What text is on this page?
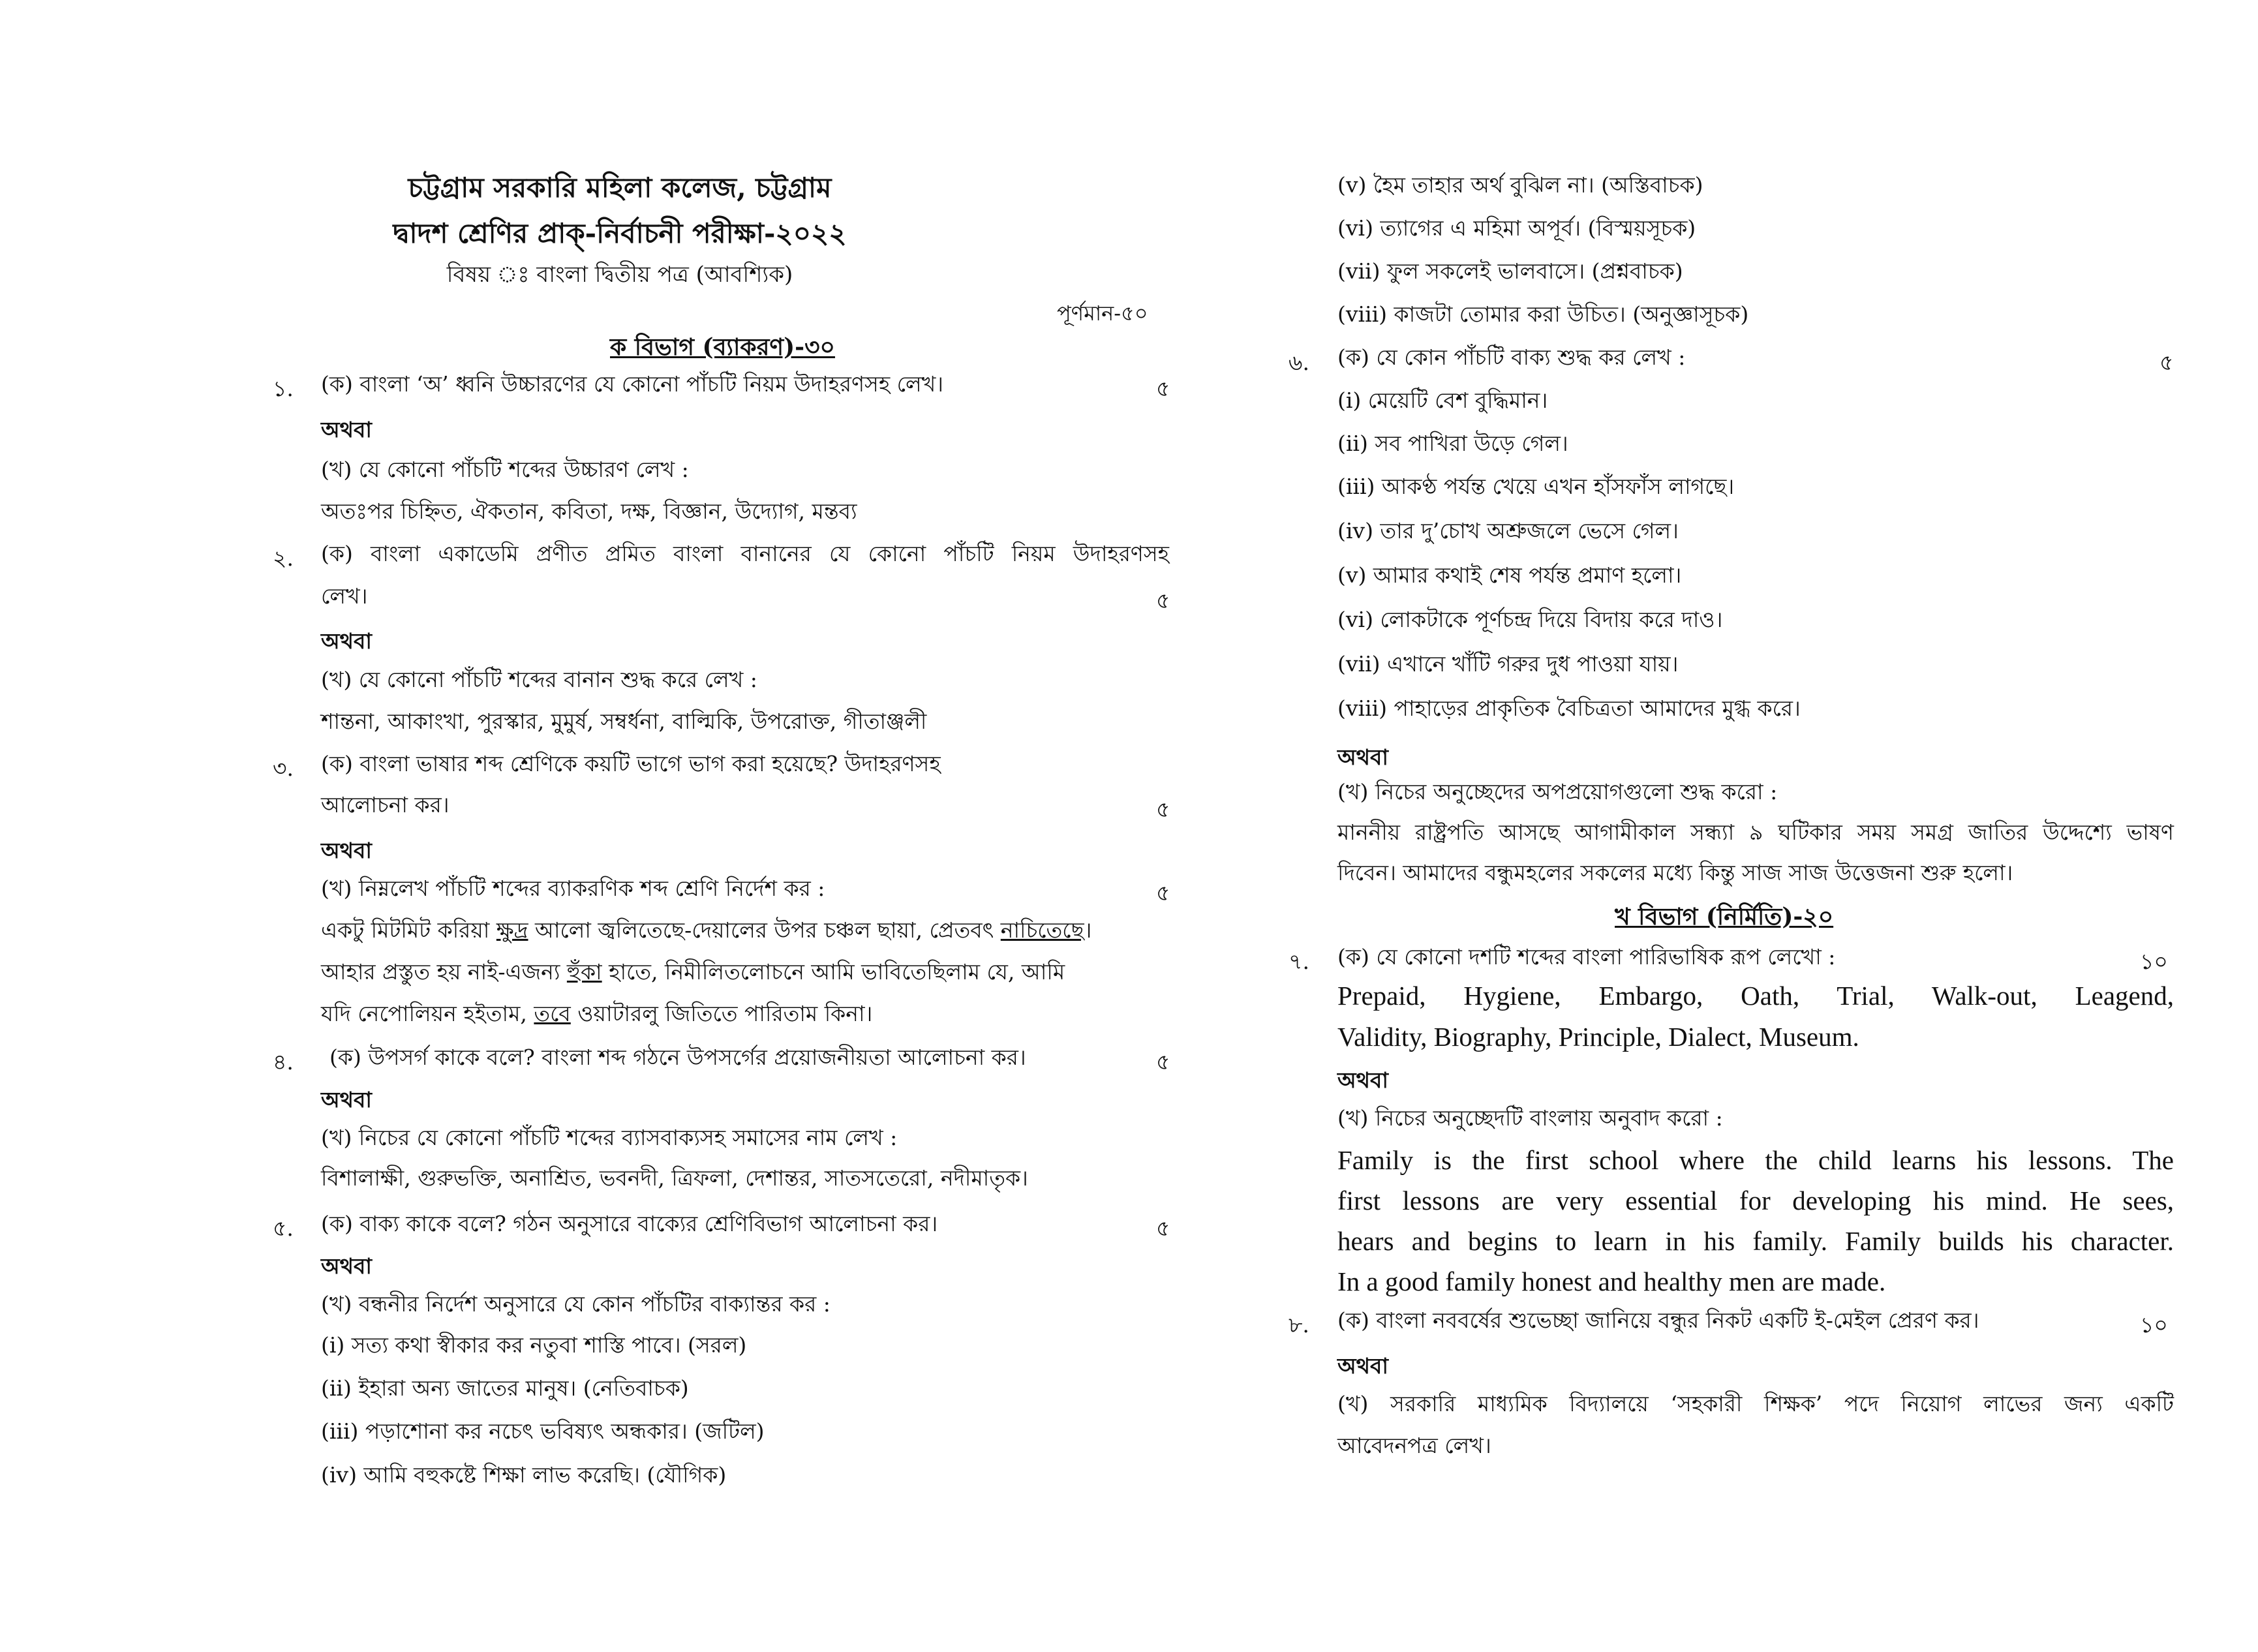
চট্টগ্রাম সরকারি মহিলা কলেজ, চট্টগ্রাম
দ্বাদশ শ্রেণির প্রাক্-নির্বাচনী পরীক্ষা-২০২২
বিষয় ঃ বাংলা দ্বিতীয় পত্র (আবশ্যিক)
পূর্ণমান-৫০
ক বিভাগ (ব্যাকরণ)-৩০
১. (ক) বাংলা ‘অ’ ধ্বনি উচ্চারণের যে কোনো পাঁচটি নিয়ম উদাহরণসহ লেখ।	৫
অথবা
(খ) যে কোনো পাঁচটি শব্দের উচ্চারণ লেখ :
অতঃপর চিহ্নিত, ঐকতান, কবিতা, দক্ষ, বিজ্ঞান, উদ্যোগ, মন্তব্য
২. (ক) বাংলা একাডেমি প্রণীত প্রমিত বাংলা বানানের যে কোনো পাঁচটি নিয়ম উদাহরণসহ
লেখ।	৫
অথবা
(খ) যে কোনো পাঁচটি শব্দের বানান শুদ্ধ করে লেখ :
শান্তনা, আকাংখা, পুরস্কার, মুমুর্ষ, সম্বর্ধনা, বাল্মিকি, উপরোক্ত, গীতাঞ্জলী
৩. (ক) বাংলা ভাষার শব্দ শ্রেণিকে কয়টি ভাগে ভাগ করা হয়েছে? উদাহরণসহ
আলোচনা কর।	৫
অথবা
(খ) নিম্নলেখ পাঁচটি শব্দের ব্যাকরণিক শব্দ শ্রেণি নির্দেশ কর :	৫
একটু মিটমিট করিয়া ক্ষুদ্র আলো জ্বলিতেছে-দেয়ালের উপর চঞ্চল ছায়া, প্রেতবৎ নাচিতেছে।
আহার প্রস্তুত হয় নাই-এজন্য হুঁকা হাতে, নিমীলিতলোচনে আমি ভাবিতেছিলাম যে, আমি
যদি নেপোলিয়ন হইতাম, তবে ওয়াটারলু জিতিতে পারিতাম কিনা।
৪. (ক) উপসর্গ কাকে বলে? বাংলা শব্দ গঠনে উপসর্গের প্রয়োজনীয়তা আলোচনা কর।	৫
অথবা
(খ) নিচের যে কোনো পাঁচটি শব্দের ব্যাসবাক্যসহ সমাসের নাম লেখ :
বিশালাক্ষী, গুরুভক্তি, অনাশ্রিত, ভবনদী, ত্রিফলা, দেশান্তর, সাতসতেরো, নদীমাতৃক।
৫. (ক) বাক্য কাকে বলে? গঠন অনুসারে বাক্যের শ্রেণিবিভাগ আলোচনা কর।	৫
অথবা
(খ) বন্ধনীর নির্দেশ অনুসারে যে কোন পাঁচটির বাক্যান্তর কর :
(i) সত্য কথা স্বীকার কর নতুবা শাস্তি পাবে। (সরল)
(ii) ইহারা অন্য জাতের মানুষ। (নেতিবাচক)
(iii) পড়াশোনা কর নচেৎ ভবিষ্যৎ অন্ধকার। (জটিল)
(iv) আমি বহুকষ্টে শিক্ষা লাভ করেছি। (যৌগিক)
(v) হৈম তাহার অর্থ বুঝিল না। (অস্তিবাচক)
(vi) ত্যাগের এ মহিমা অপূর্ব। (বিস্ময়সূচক)
(vii) ফুল সকলেই ভালবাসে। (প্রশ্নবাচক)
(viii) কাজটা তোমার করা উচিত। (অনুজ্ঞাসূচক)
৬. (ক) যে কোন পাঁচটি বাক্য শুদ্ধ কর লেখ :	৫
(i) মেয়েটি বেশ বুদ্ধিমান।
(ii) সব পাখিরা উড়ে গেল।
(iii) আকণ্ঠ পর্যন্ত খেয়ে এখন হাঁসফাঁস লাগছে।
(iv) তার দু’চোখ অশ্রুজলে ভেসে গেল।
(v) আমার কথাই শেষ পর্যন্ত প্রমাণ হলো।
(vi) লোকটাকে পূর্ণচন্দ্র দিয়ে বিদায় করে দাও।
(vii) এখানে খাঁটি গরুর দুধ পাওয়া যায়।
(viii) পাহাড়ের প্রাকৃতিক বৈচিত্রতা আমাদের মুগ্ধ করে।
অথবা
(খ) নিচের অনুচ্ছেদের অপপ্রয়োগগুলো শুদ্ধ করো :
মাননীয় রাষ্ট্রপতি আসছে আগামীকাল সন্ধ্যা ৯ ঘটিকার সময় সমগ্র জাতির উদ্দেশ্যে ভাষণ
দিবেন। আমাদের বন্ধুমহলের সকলের মধ্যে কিন্তু সাজ সাজ উত্তেজনা শুরু হলো।
খ বিভাগ (নির্মিতি)-২০
৭. (ক) যে কোনো দশটি শব্দের বাংলা পারিভাষিক রূপ লেখো :	১০
Prepaid, Hygiene, Embargo, Oath, Trial, Walk-out, Leagend,
Validity, Biography, Principle, Dialect, Museum.
অথবা
(খ) নিচের অনুচ্ছেদটি বাংলায় অনুবাদ করো :
Family is the first school where the child learns his lessons. The
first lessons are very essential for developing his mind. He sees,
hears and begins to learn in his family. Family builds his character.
In a good family honest and healthy men are made.
৮. (ক) বাংলা নববর্ষের শুভেচ্ছা জানিয়ে বন্ধুর নিকট একটি ই-মেইল প্রেরণ কর।	১০
অথবা
(খ) সরকারি মাধ্যমিক বিদ্যালয়ে ‘সহকারী শিক্ষক’ পদে নিয়োগ লাভের জন্য একটি
আবেদনপত্র লেখ।
